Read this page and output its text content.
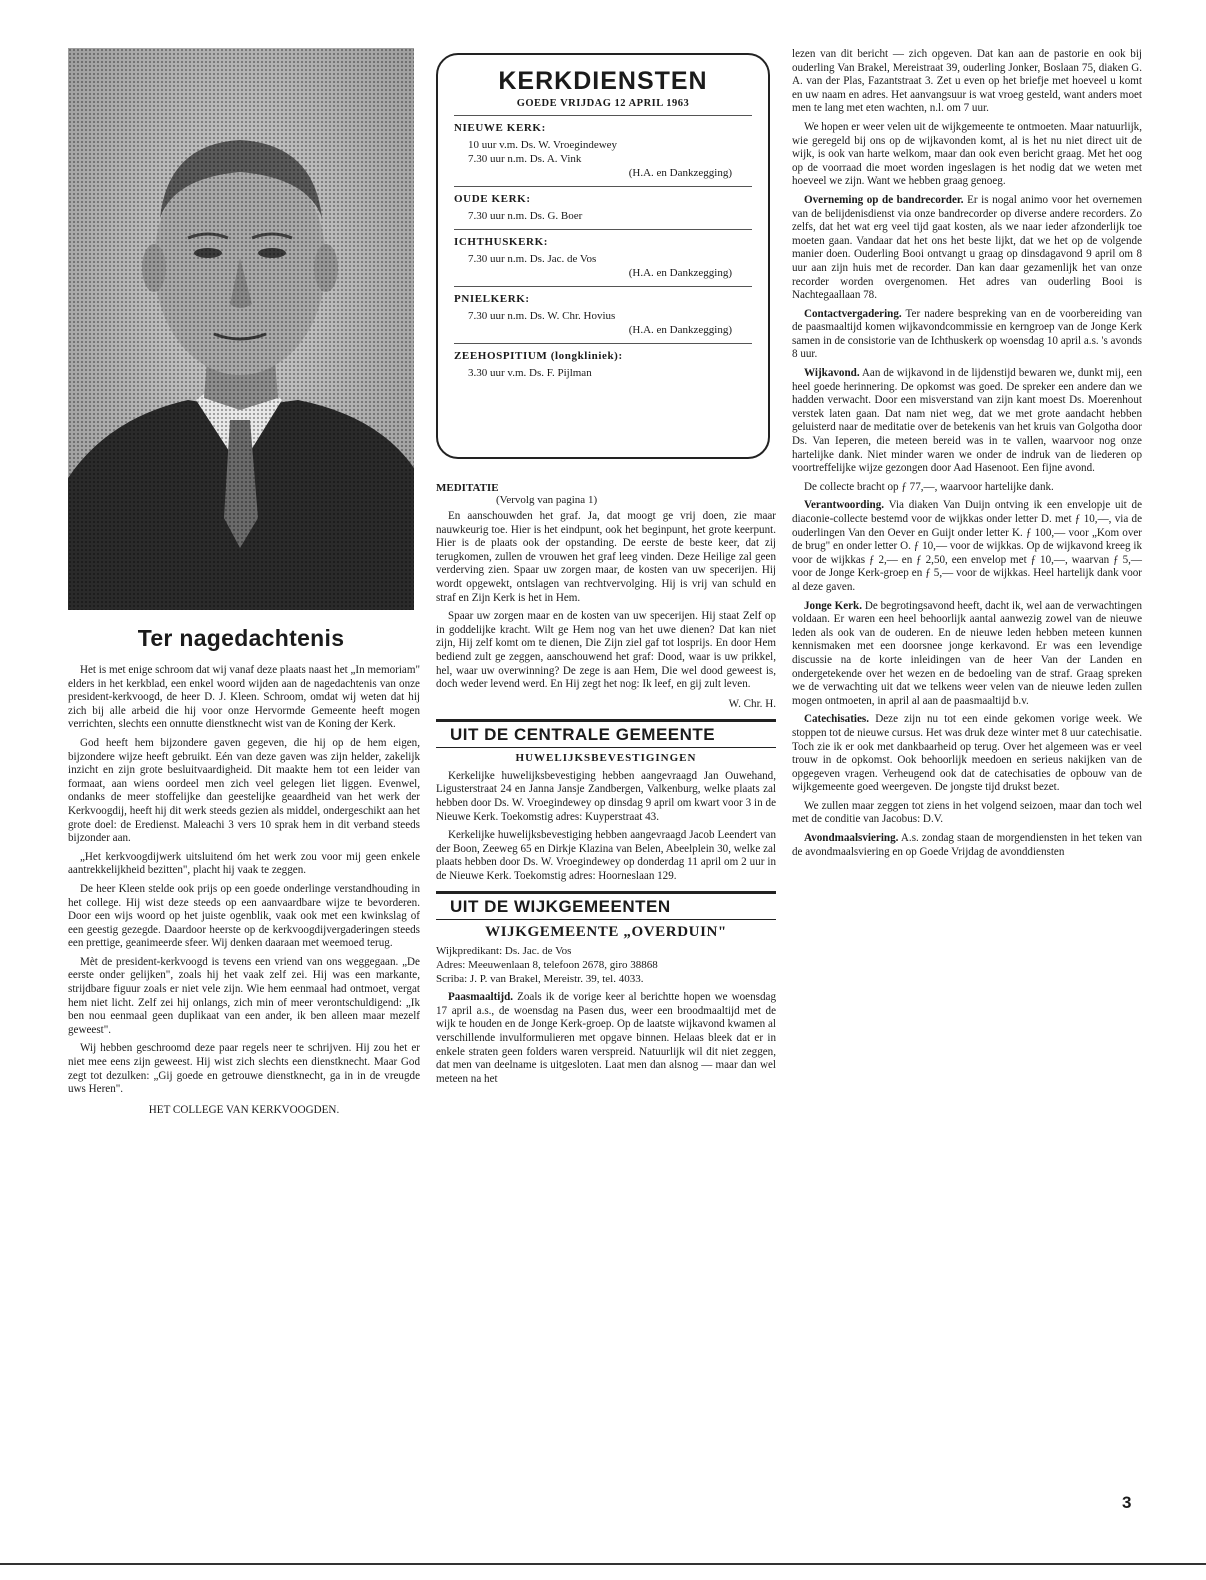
Ter nagedachtenis

Het is met enige schroom dat wij vanaf deze plaats naast het „In memoriam" elders in het kerkblad, een enkel woord wijden aan de nagedachtenis van onze president-kerkvoogd, de heer D. J. Kleen. Schroom, omdat wij weten dat hij zich bij alle arbeid die hij voor onze Hervormde Gemeente heeft mogen verrichten, slechts een onnutte dienstknecht wist van de Koning der Kerk.

God heeft hem bijzondere gaven gegeven, die hij op de hem eigen, bijzondere wijze heeft gebruikt. Eén van deze gaven was zijn helder, zakelijk inzicht en zijn grote besluitvaardigheid. Dit maakte hem tot een leider van formaat, aan wiens oordeel men zich veel gelegen liet liggen. Evenwel, ondanks de meer stoffelijke dan geestelijke geaardheid van het werk der Kerkvoogdij, heeft hij dit werk steeds gezien als middel, ondergeschikt aan het grote doel: de Eredienst. Maleachi 3 vers 10 sprak hem in dit verband steeds bijzonder aan.

„Het kerkvoogdijwerk uitsluitend óm het werk zou voor mij geen enkele aantrekkelijkheid bezitten", placht hij vaak te zeggen.

De heer Kleen stelde ook prijs op een goede onderlinge verstandhouding in het college. Hij wist deze steeds op een aanvaardbare wijze te bevorderen. Door een wijs woord op het juiste ogenblik, vaak ook met een kwinkslag of een geestig gezegde. Daardoor heerste op de kerkvoogdijvergaderingen steeds een prettige, geanimeerde sfeer. Wij denken daaraan met weemoed terug.

Mèt de president-kerkvoogd is tevens een vriend van ons weggegaan. „De eerste onder gelijken", zoals hij het vaak zelf zei. Hij was een markante, strijdbare figuur zoals er niet vele zijn. Wie hem eenmaal had ontmoet, vergat hem niet licht. Zelf zei hij onlangs, zich min of meer verontschuldigend: „Ik ben nou eenmaal geen duplikaat van een ander, ik ben alleen maar mezelf geweest".

Wij hebben geschroomd deze paar regels neer te schrijven. Hij zou het er niet mee eens zijn geweest. Hij wist zich slechts een dienstknecht. Maar God zegt tot dezulken: „Gij goede en getrouwe dienstknecht, ga in in de vreugde uws Heren".

HET COLLEGE VAN KERKVOOGDEN.

KERKDIENSTEN
GOEDE VRIJDAG 12 APRIL 1963
NIEUWE KERK:
10 uur v.m. Ds. W. Vroegindewey
7.30 uur n.m. Ds. A. Vink
(H.A. en Dankzegging)
OUDE KERK:
7.30 uur n.m. Ds. G. Boer
ICHTHUSKERK:
7.30 uur n.m. Ds. Jac. de Vos
(H.A. en Dankzegging)
PNIELKERK:
7.30 uur n.m. Ds. W. Chr. Hovius
(H.A. en Dankzegging)
ZEEHOSPITIUM (longkliniek):
3.30 uur v.m. Ds. F. Pijlman
MEDITATIE
(Vervolg van pagina 1)

En aanschouwden het graf. Ja, dat moogt ge vrij doen, zie maar nauwkeurig toe. Hier is het eindpunt, ook het beginpunt, het grote keerpunt. Hier is de plaats ook der opstanding. De eerste de beste keer, dat zij terugkomen, zullen de vrouwen het graf leeg vinden. Deze Heilige zal geen verderving zien. Spaar uw zorgen maar, de kosten van uw specerijen. Hij wordt opgewekt, ontslagen van rechtvervolging. Hij is vrij van schuld en straf en Zijn Kerk is het in Hem.

Spaar uw zorgen maar en de kosten van uw specerijen. Hij staat Zelf op in goddelijke kracht. Wilt ge Hem nog van het uwe dienen? Dat kan niet zijn, Hij zelf komt om te dienen, Die Zijn ziel gaf tot losprijs. En door Hem bediend zult ge zeggen, aanschouwend het graf: Dood, waar is uw prikkel, hel, waar uw overwinning? De zege is aan Hem, Die wel dood geweest is, doch weder levend werd. En Hij zegt het nog: Ik leef, en gij zult leven.

W. Chr. H.
UIT DE CENTRALE GEMEENTE
HUWELIJKSBEVESTIGINGEN

Kerkelijke huwelijksbevestiging hebben aangevraagd Jan Ouwehand, Ligusterstraat 24 en Janna Jansje Zandbergen, Valkenburg, welke plaats zal hebben door Ds. W. Vroegindewey op dinsdag 9 april om kwart voor 3 in de Nieuwe Kerk. Toekomstig adres: Kuyperstraat 43.

Kerkelijke huwelijksbevestiging hebben aangevraagd Jacob Leendert van der Boon, Zeeweg 65 en Dirkje Klazina van Belen, Abeelplein 30, welke zal plaats hebben door Ds. W. Vroegindewey op donderdag 11 april om 2 uur in de Nieuwe Kerk. Toekomstig adres: Hoorneslaan 129.

UIT DE WIJKGEMEENTEN
WIJKGEMEENTE „OVERDUIN"
Wijkpredikant: Ds. Jac. de Vos
Adres: Meeuwenlaan 8, telefoon 2678, giro 38868
Scriba: J. P. van Brakel, Mereistr. 39, tel. 4033.

Paasmaaltijd. Zoals ik de vorige keer al berichtte hopen we woensdag 17 april a.s., de woensdag na Pasen dus, weer een broodmaaltijd met de wijk te houden en de Jonge Kerk-groep. Op de laatste wijkavond kwamen al verschillende invulformulieren met opgave binnen. Helaas bleek dat er in enkele straten geen folders waren verspreid. Natuurlijk wil dit niet zeggen, dat men van deelname is uitgesloten. Laat men dan alsnog — maar dan wel meteen na het

lezen van dit bericht — zich opgeven. Dat kan aan de pastorie en ook bij ouderling Van Brakel, Mereistraat 39, ouderling Jonker, Boslaan 75, diaken G. A. van der Plas, Fazantstraat 3. Zet u even op het briefje met hoeveel u komt en uw naam en adres. Het aanvangsuur is wat vroeg gesteld, want anders moet men te lang met eten wachten, n.l. om 7 uur.

We hopen er weer velen uit de wijkgemeente te ontmoeten. Maar natuurlijk, wie geregeld bij ons op de wijkavonden komt, al is het nu niet direct uit de wijk, is ook van harte welkom, maar dan ook even bericht graag. Met het oog op de voorraad die moet worden ingeslagen is het nodig dat we weten met hoeveel we zijn. Want we hebben graag genoeg.

Overneming op de bandrecorder. Er is nogal animo voor het overnemen van de belijdenisdienst via onze bandrecorder op diverse andere recorders. Zo zelfs, dat het wat erg veel tijd gaat kosten, als we naar ieder afzonderlijk toe moeten gaan. Vandaar dat het ons het beste lijkt, dat we het op de volgende manier doen. Ouderling Booi ontvangt u graag op dinsdagavond 9 april om 8 uur aan zijn huis met de recorder. Dan kan daar gezamenlijk het van onze recorder worden overgenomen. Het adres van ouderling Booi is Nachtegaallaan 78.

Contactvergadering. Ter nadere bespreking van en de voorbereiding van de paasmaaltijd komen wijkavondcommissie en kerngroep van de Jonge Kerk samen in de consistorie van de Ichthuskerk op woensdag 10 april a.s. 's avonds 8 uur.

Wijkavond. Aan de wijkavond in de lijdenstijd bewaren we, dunkt mij, een heel goede herinnering. De opkomst was goed. De spreker een andere dan we hadden verwacht. Door een misverstand van zijn kant moest Ds. Moerenhout verstek laten gaan. Dat nam niet weg, dat we met grote aandacht hebben geluisterd naar de meditatie over de betekenis van het kruis van Golgotha door Ds. Van Ieperen, die meteen bereid was in te vallen, waarvoor nog onze hartelijke dank. Niet minder waren we onder de indruk van de liederen op voortreffelijke wijze gezongen door Aad Hasenoot. Een fijne avond.

De collecte bracht op ƒ 77,—, waarvoor hartelijke dank.

Verantwoording. Via diaken Van Duijn ontving ik een envelopje uit de diaconie-collecte bestemd voor de wijkkas onder letter D. met ƒ 10,—, via de ouderlingen Van den Oever en Guijt onder letter K. ƒ 100,— voor „Kom over de brug" en onder letter O. ƒ 10,— voor de wijkkas. Op de wijkavond kreeg ik voor de wijkkas ƒ 2,— en ƒ 2,50, een envelop met ƒ 10,—, waarvan ƒ 5,— voor de Jonge Kerk-groep en ƒ 5,— voor de wijkkas. Heel hartelijk dank voor al deze gaven.

Jonge Kerk. De begrotingsavond heeft, dacht ik, wel aan de verwachtingen voldaan. Er waren een heel behoorlijk aantal aanwezig zowel van de nieuwe leden als ook van de ouderen. En de nieuwe leden hebben meteen kunnen kennismaken met een doorsnee jonge kerkavond. Er was een levendige discussie na de korte inleidingen van de heer Van der Landen en ondergetekende over het wezen en de bedoeling van de straf. Graag spreken we de verwachting uit dat we telkens weer velen van de nieuwe leden zullen mogen ontmoeten, in april al aan de paasmaaltijd b.v.

Catechisaties. Deze zijn nu tot een einde gekomen vorige week. We stoppen tot de nieuwe cursus. Het was druk deze winter met 8 uur catechisatie. Toch zie ik er ook met dankbaarheid op terug. Over het algemeen was er veel trouw in de opkomst. Ook behoorlijk meedoen en serieus nakijken van de opgegeven vragen. Verheugend ook dat de catechisaties de opbouw van de wijkgemeente goed weergeven. De jongste tijd drukst bezet.

We zullen maar zeggen tot ziens in het volgend seizoen, maar dan toch wel met de conditie van Jacobus: D.V.

Avondmaalsviering. A.s. zondag staan de morgendiensten in het teken van de avondmaalsviering en op Goede Vrijdag de avonddiensten

3
